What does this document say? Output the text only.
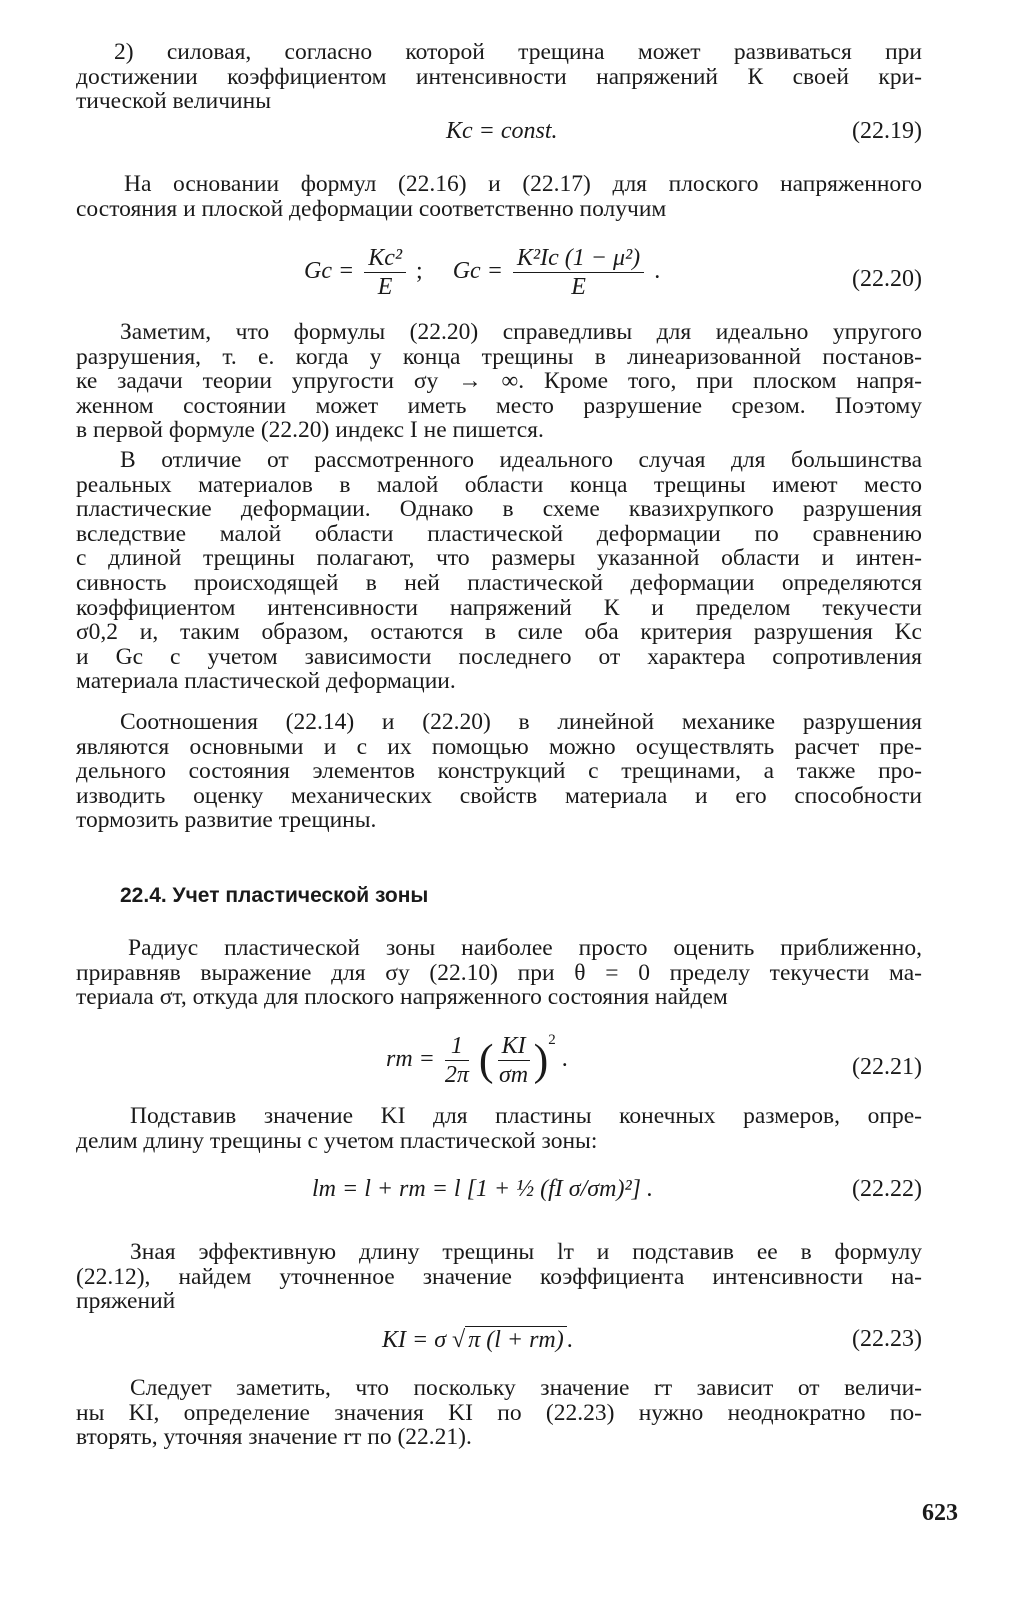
2) силовая, согласно которой трещина может развиваться при
достижении коэффициентом интенсивности напряжений К своей кри-
тической величины
Kc = const.	(22.19)
На основании формул (22.16) и (22.17) для плоского напряженного
состояния и плоской деформации соответственно получим
$Gc = \frac{\text{Kc²}}{E}$ ; $Gc = \frac{\text{K²Ic (1 − μ²)}}{E}$ .	(22.20)
Заметим, что формулы (22.20) справедливы для идеально упругого
разрушения, т. е. когда у конца трещины в линеаризованной постанов-
ке задачи теории упругости σy → ∞. Кроме того, при плоском напря-
женном состоянии может иметь место разрушение срезом. Поэтому
в первой формуле (22.20) индекс I не пишется.
В отличие от рассмотренного идеального случая для большинства
реальных материалов в малой области конца трещины имеют место
пластические деформации. Однако в схеме квазихрупкого разрушения
вследствие малой области пластической деформации по сравнению
с длиной трещины полагают, что размеры указанной области и интен-
сивность происходящей в ней пластической деформации определяются
коэффициентом интенсивности напряжений К и пределом текучести
σ0,2 и, таким образом, остаются в силе оба критерия разрушения Kc
и Gc с учетом зависимости последнего от характера сопротивления
материала пластической деформации.
Соотношения (22.14) и (22.20) в линейной механике разрушения
являются основными и с их помощью можно осуществлять расчет пре-
дельного состояния элементов конструкций с трещинами, а также про-
изводить оценку механических свойств материала и его способности
тормозить развитие трещины.
22.4. Учет пластической зоны
Радиус пластической зоны наиболее просто оценить приближенно,
приравняв выражение для σy (22.10) при θ = 0 пределу текучести ма-
териала σт, откуда для плоского напряженного состояния найдем
rт = $\frac{1}{2\pi}$ ( $\frac{KI}{\sigma т} )^2$ .	(22.21)
Подставив значение KI для пластины конечных размеров, опре-
делим длину трещины с учетом пластической зоны:
lт = l + rт = l [1 + ½ (fI σ/σт)²] .	(22.22)
Зная эффективную длину трещины lт и подставив ее в формулу
(22.12), найдем уточненное значение коэффициента интенсивности на-
пряжений
KI = σ √ π (l + rт) .	(22.23)
Следует заметить, что поскольку значение rт зависит от величи-
ны KI, определение значения KI по (22.23) нужно неоднократно по-
вторять, уточняя значение rт по (22.21).
623
